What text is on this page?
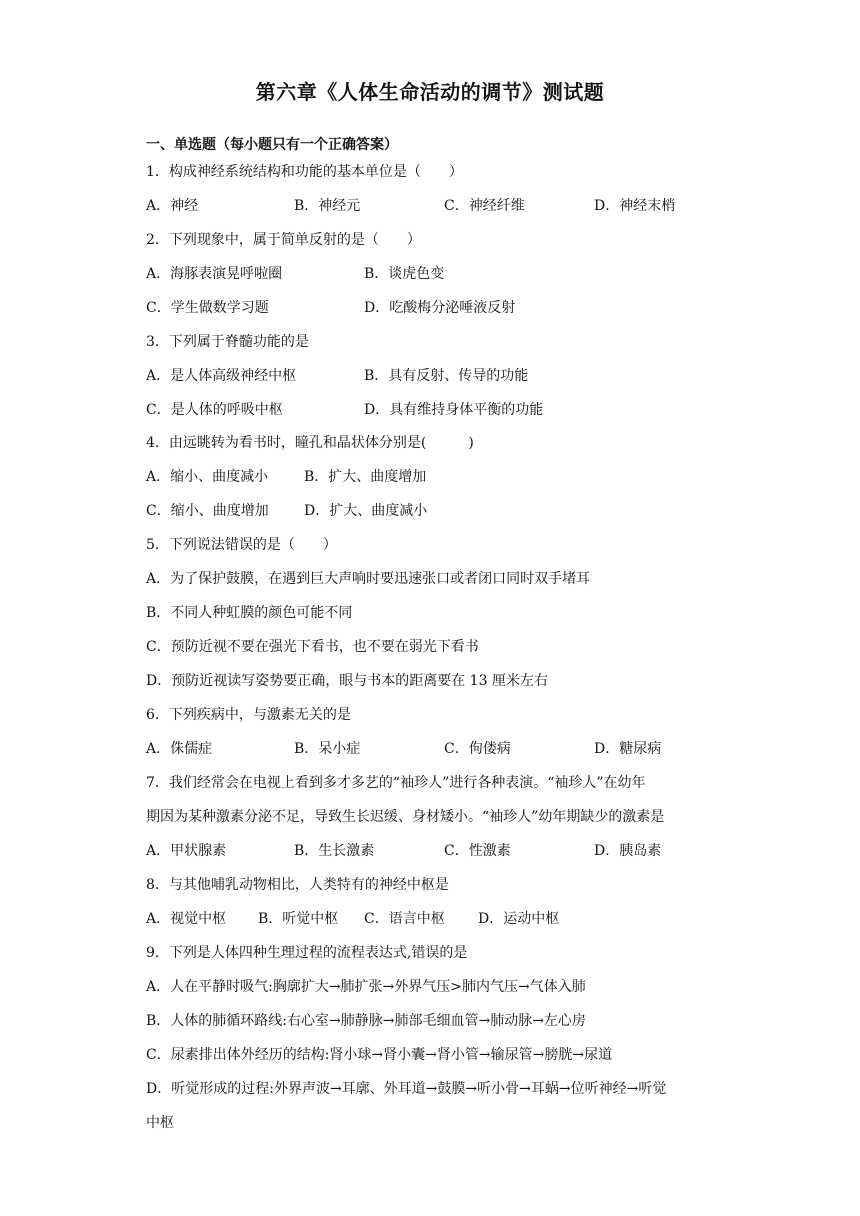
第六章《人体生命活动的调节》测试题
一、单选题（每小题只有一个正确答案）
1．构成神经系统结构和功能的基本单位是（　　）
A．神经	B．神经元	C．神经纤维	D．神经末梢
2．下列现象中，属于简单反射的是（　　）
A．海豚表演晃呼啦圈	B．谈虎色变
C．学生做数学习题	D．吃酸梅分泌唾液反射
3．下列属于脊髓功能的是
A．是人体高级神经中枢	B．具有反射、传导的功能
C．是人体的呼吸中枢	D．具有维持身体平衡的功能
4．由远眺转为看书时，瞳孔和晶状体分别是(　　　)
A．缩小、曲度减小	B．扩大、曲度增加
C．缩小、曲度增加	D．扩大、曲度减小
5．下列说法错误的是（　　）
A．为了保护鼓膜，在遇到巨大声响时要迅速张口或者闭口同时双手堵耳
B．不同人种虹膜的颜色可能不同
C．预防近视不要在强光下看书，也不要在弱光下看书
D．预防近视读写姿势要正确，眼与书本的距离要在 13 厘米左右
6．下列疾病中，与激素无关的是
A．侏儒症	B．呆小症	C．佝偻病	D．糖尿病
7．我们经常会在电视上看到多才多艺的“袖珍人”进行各种表演。“袖珍人”在幼年
期因为某种激素分泌不足，导致生长迟缓、身材矮小。“袖珍人”幼年期缺少的激素是
A．甲状腺素	B．生长激素	C．性激素	D．胰岛素
8．与其他哺乳动物相比，人类特有的神经中枢是
A．视觉中枢 B．听觉中枢 C．语言中枢 D．运动中枢
9．下列是人体四种生理过程的流程表达式,错误的是
A．人在平静时吸气:胸廓扩大→肺扩张→外界气压>肺内气压→气体入肺
B．人体的肺循环路线:右心室→肺静脉→肺部毛细血管→肺动脉→左心房
C．尿素排出体外经历的结构:肾小球→肾小囊→肾小管→输尿管→膀胱→尿道
D．听觉形成的过程:外界声波→耳廓、外耳道→鼓膜→听小骨→耳蜗→位听神经→听觉
中枢
